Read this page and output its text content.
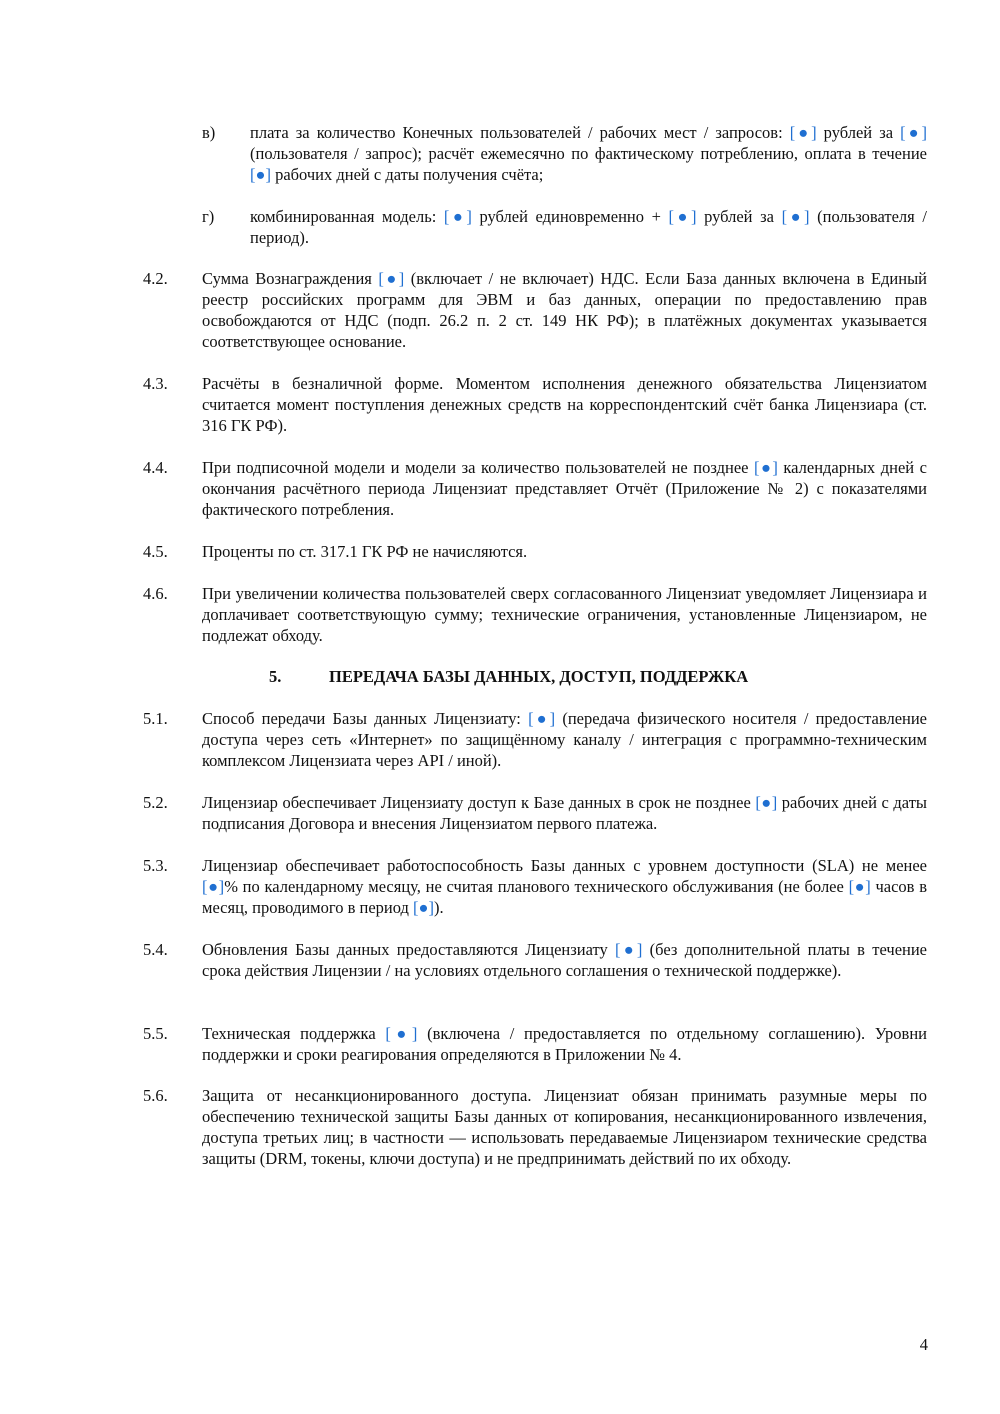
в)	плата за количество Конечных пользователей / рабочих мест / запросов: [●] рублей за [●] (пользователя / запрос); расчёт ежемесячно по фактическому потреблению, оплата в течение [●] рабочих дней с даты получения счёта;
г)	комбинированная модель: [●] рублей единовременно + [●] рублей за [●] (пользователя / период).
4.2.	Сумма Вознаграждения [●] (включает / не включает) НДС. Если База данных включена в Единый реестр российских программ для ЭВМ и баз данных, операции по предоставлению прав освобождаются от НДС (подп. 26.2 п. 2 ст. 149 НК РФ); в платёжных документах указывается соответствующее основание.
4.3.	Расчёты в безналичной форме. Моментом исполнения денежного обязательства Лицензиатом считается момент поступления денежных средств на корреспондентский счёт банка Лицензиара (ст. 316 ГК РФ).
4.4.	При подписочной модели и модели за количество пользователей не позднее [●] календарных дней с окончания расчётного периода Лицензиат представляет Отчёт (Приложение № 2) с показателями фактического потребления.
4.5.	Проценты по ст. 317.1 ГК РФ не начисляются.
4.6.	При увеличении количества пользователей сверх согласованного Лицензиат уведомляет Лицензиара и доплачивает соответствующую сумму; технические ограничения, установленные Лицензиаром, не подлежат обходу.
5.	ПЕРЕДАЧА БАЗЫ ДАННЫХ, ДОСТУП, ПОДДЕРЖКА
5.1.	Способ передачи Базы данных Лицензиату: [●] (передача физического носителя / предоставление доступа через сеть «Интернет» по защищённому каналу / интеграция с программно-техническим комплексом Лицензиата через API / иной).
5.2.	Лицензиар обеспечивает Лицензиату доступ к Базе данных в срок не позднее [●] рабочих дней с даты подписания Договора и внесения Лицензиатом первого платежа.
5.3.	Лицензиар обеспечивает работоспособность Базы данных с уровнем доступности (SLA) не менее [●]% по календарному месяцу, не считая планового технического обслуживания (не более [●] часов в месяц, проводимого в период [●]).
5.4.	Обновления Базы данных предоставляются Лицензиату [●] (без дополнительной платы в течение срока действия Лицензии / на условиях отдельного соглашения о технической поддержке).
5.5.	Техническая поддержка [●] (включена / предоставляется по отдельному соглашению). Уровни поддержки и сроки реагирования определяются в Приложении № 4.
5.6.	Защита от несанкционированного доступа. Лицензиат обязан принимать разумные меры по обеспечению технической защиты Базы данных от копирования, несанкционированного извлечения, доступа третьих лиц; в частности — использовать передаваемые Лицензиаром технические средства защиты (DRM, токены, ключи доступа) и не предпринимать действий по их обходу.
4
